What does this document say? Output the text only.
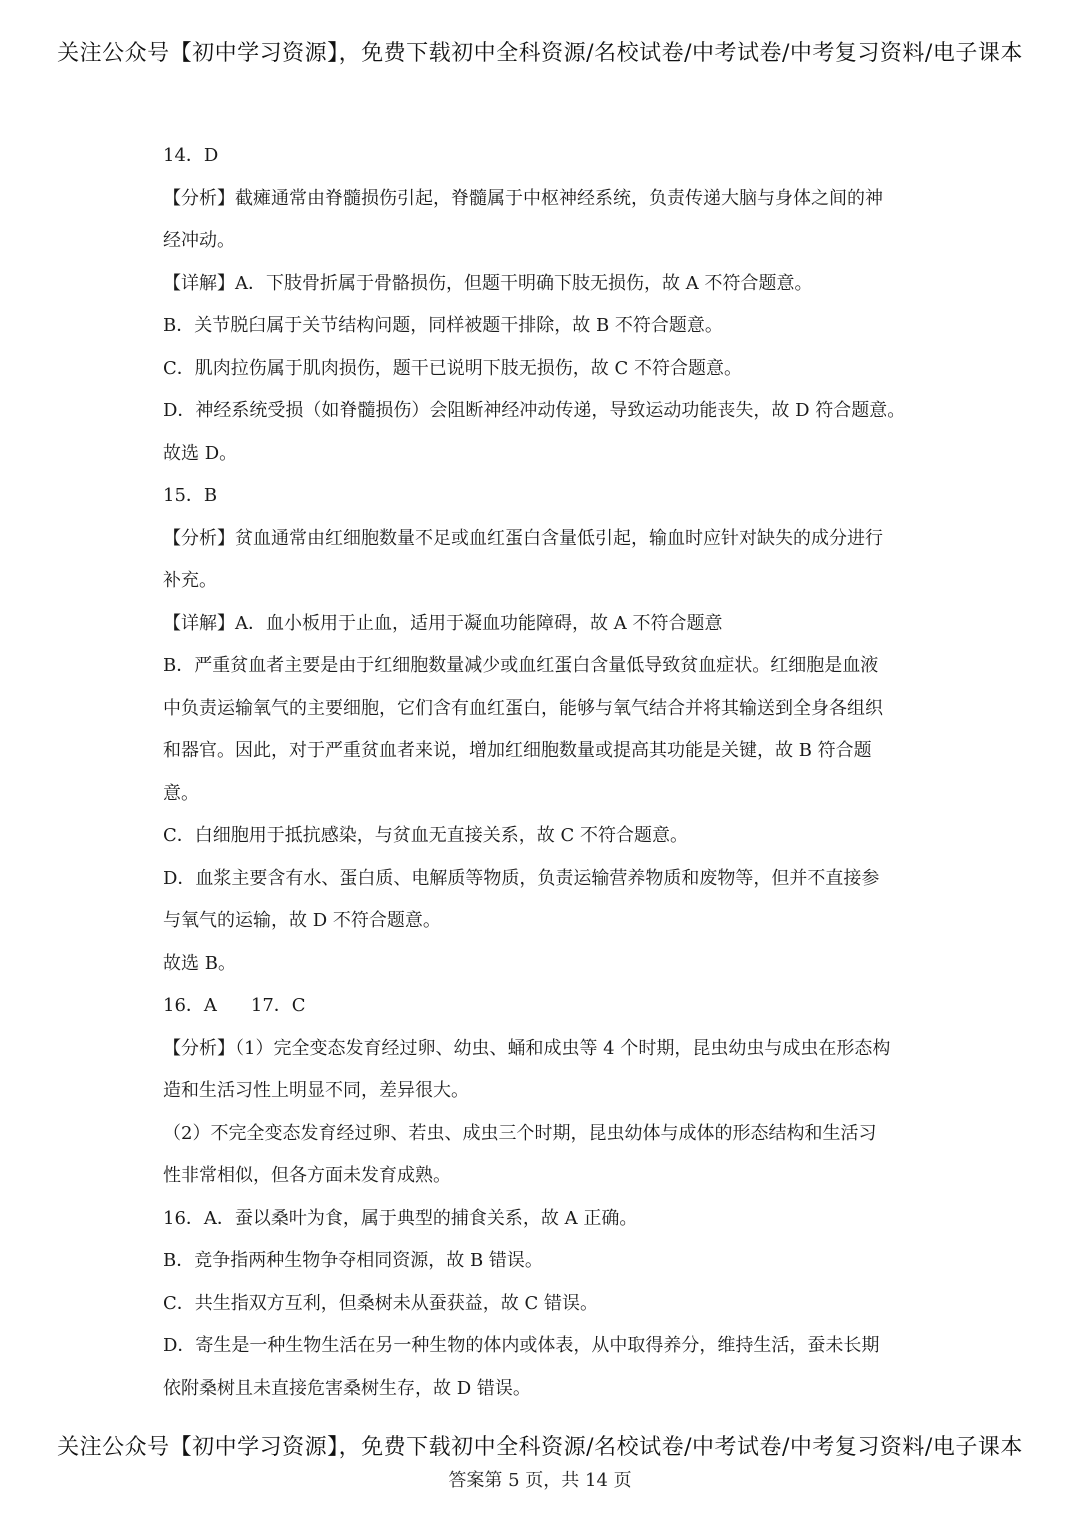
关注公众号【初中学习资源】，免费下载初中全科资源/名校试卷/中考试卷/中考复习资料/电子课本
14．D
【分析】截瘫通常由脊髓损伤引起，脊髓属于中枢神经系统，负责传递大脑与身体之间的神
经冲动。
【详解】A．下肢骨折属于骨骼损伤，但题干明确下肢无损伤，故 A 不符合题意。
B．关节脱臼属于关节结构问题，同样被题干排除，故 B 不符合题意。
C．肌肉拉伤属于肌肉损伤，题干已说明下肢无损伤，故 C 不符合题意。
D．神经系统受损（如脊髓损伤）会阻断神经冲动传递，导致运动功能丧失，故 D 符合题意。
故选 D。
15．B
【分析】贫血通常由红细胞数量不足或血红蛋白含量低引起，输血时应针对缺失的成分进行
补充。
【详解】A．血小板用于止血，适用于凝血功能障碍，故 A 不符合题意
B．严重贫血者主要是由于红细胞数量减少或血红蛋白含量低导致贫血症状。红细胞是血液
中负责运输氧气的主要细胞，它们含有血红蛋白，能够与氧气结合并将其输送到全身各组织
和器官。因此，对于严重贫血者来说，增加红细胞数量或提高其功能是关键，故 B 符合题
意。
C．白细胞用于抵抗感染，与贫血无直接关系，故 C 不符合题意。
D．血浆主要含有水、蛋白质、电解质等物质，负责运输营养物质和废物等，但并不直接参
与氧气的运输，故 D 不符合题意。
故选 B。
16．A 17．C
【分析】（1）完全变态发育经过卵、幼虫、蛹和成虫等 4 个时期，昆虫幼虫与成虫在形态构
造和生活习性上明显不同，差异很大。
（2）不完全变态发育经过卵、若虫、成虫三个时期，昆虫幼体与成体的形态结构和生活习
性非常相似，但各方面未发育成熟。
16．A．蚕以桑叶为食，属于典型的捕食关系，故 A 正确。
B．竞争指两种生物争夺相同资源，故 B 错误。
C．共生指双方互利，但桑树未从蚕获益，故 C 错误。
D．寄生是一种生物生活在另一种生物的体内或体表，从中取得养分，维持生活，蚕未长期
依附桑树且未直接危害桑树生存，故 D 错误。
关注公众号【初中学习资源】，免费下载初中全科资源/名校试卷/中考试卷/中考复习资料/电子课本
答案第 5 页，共 14 页
